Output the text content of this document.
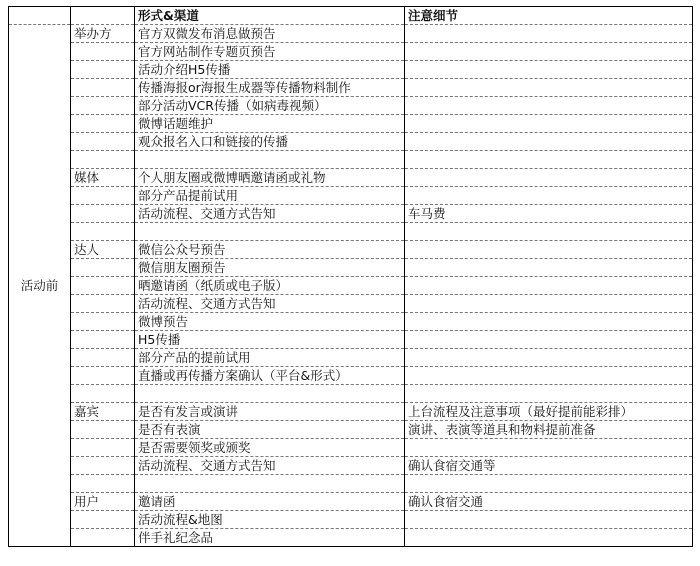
		形式&渠道	注意细节
活动前	举办方	官方双微发布消息做预告	
		官方网站制作专题页预告	
		活动介绍H5传播	
		传播海报or海报生成器等传播物料制作	
		部分活动VCR传播（如病毒视频）	
		微博话题维护	
		观众报名入口和链接的传播	

	媒体	个人朋友圈或微博晒邀请函或礼物	
		部分产品提前试用	
		活动流程、交通方式告知	车马费

	达人	微信公众号预告	
		微信朋友圈预告	
		晒邀请函（纸质或电子版）	
		活动流程、交通方式告知	
		微博预告	
		H5传播	
		部分产品的提前试用	
		直播或再传播方案确认（平台&形式）	

	嘉宾	是否有发言或演讲	上台流程及注意事项（最好提前能彩排）
		是否有表演	演讲、表演等道具和物料提前准备
		是否需要领奖或颁奖	
		活动流程、交通方式告知	确认食宿交通等

	用户	邀请函	确认食宿交通
		活动流程&地图	
		伴手礼纪念品	
